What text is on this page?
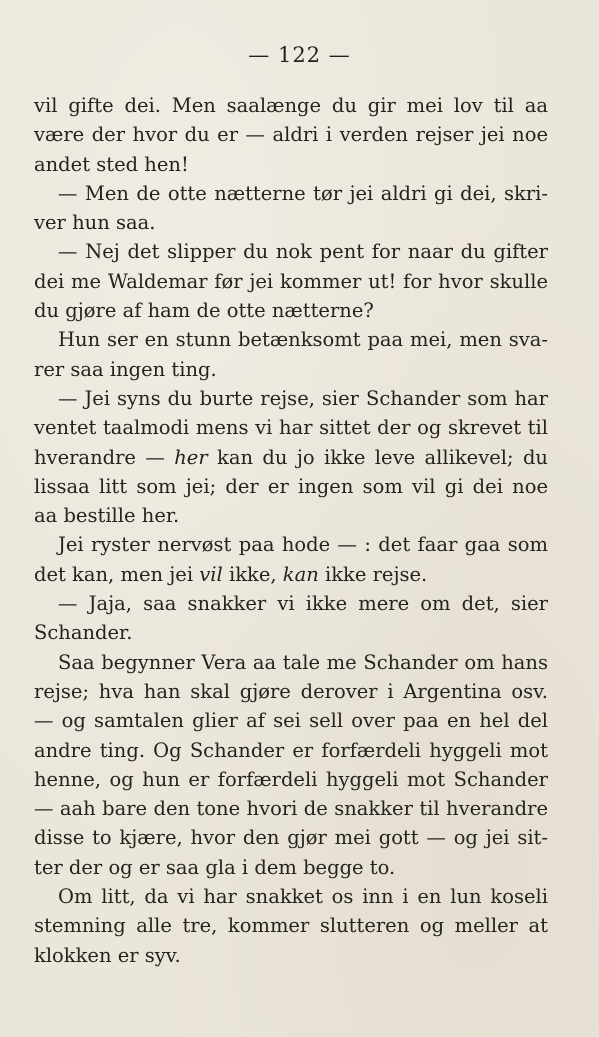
— 122 —
vil gifte dei. Men saalænge du gir mei lov til aa
være der hvor du er — aldri i verden rejser jei noe
andet sted hen!
— Men de otte nætterne tør jei aldri gi dei, skri-
ver hun saa.
— Nej det slipper du nok pent for naar du gifter
dei me Waldemar før jei kommer ut! for hvor skulle
du gjøre af ham de otte nætterne?
Hun ser en stunn betænksomt paa mei, men sva-
rer saa ingen ting.
— Jei syns du burte rejse, sier Schander som har
ventet taalmodi mens vi har sittet der og skrevet til
hverandre — her kan du jo ikke leve allikevel; du
lissaa litt som jei; der er ingen som vil gi dei noe
aa bestille her.
Jei ryster nervøst paa hode — : det faar gaa som
det kan, men jei vil ikke, kan ikke rejse.
— Jaja, saa snakker vi ikke mere om det, sier
Schander.
Saa begynner Vera aa tale me Schander om hans
rejse; hva han skal gjøre derover i Argentina osv.
— og samtalen glier af sei sell over paa en hel del
andre ting. Og Schander er forfærdeli hyggeli mot
henne, og hun er forfærdeli hyggeli mot Schander
— aah bare den tone hvori de snakker til hverandre
disse to kjære, hvor den gjør mei gott — og jei sit-
ter der og er saa gla i dem begge to.
Om litt, da vi har snakket os inn i en lun koseli
stemning alle tre, kommer slutteren og meller at
klokken er syv.
